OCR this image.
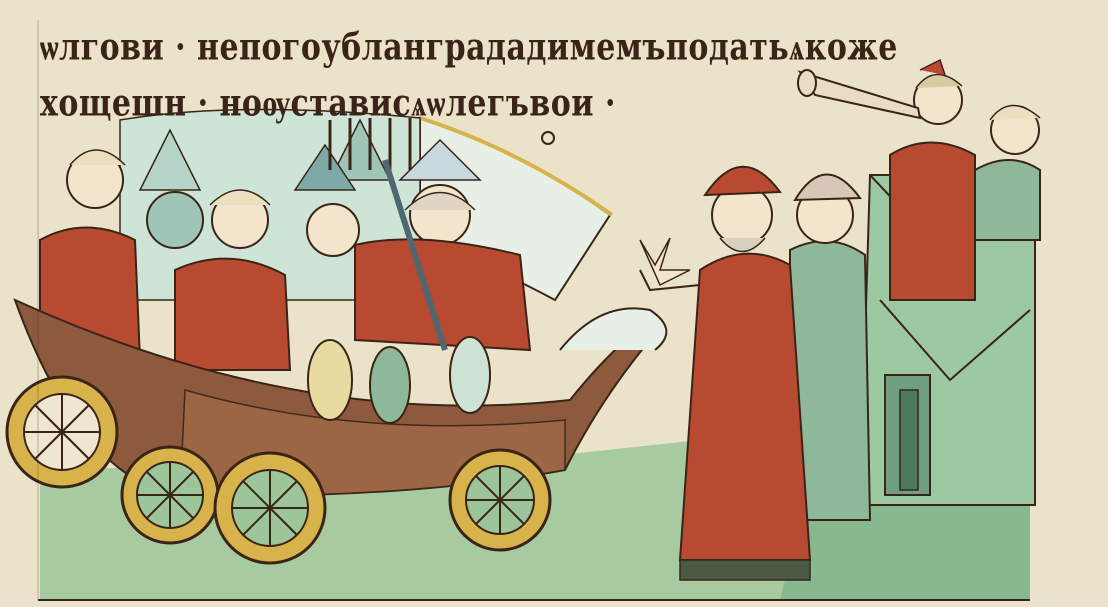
ѡлгови · непогоубланградадимемъподатьѧкоже
хощешн · ноѹстависѧѡлегъвои ·
